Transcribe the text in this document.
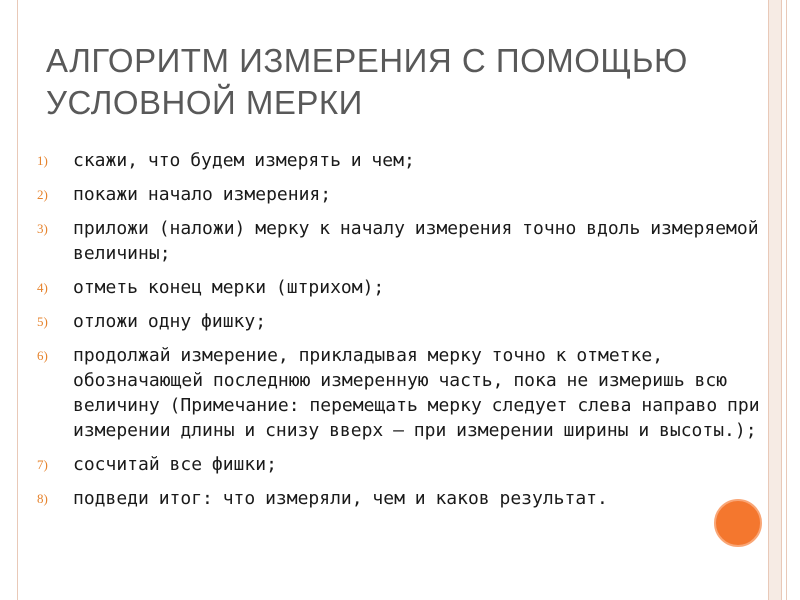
АЛГОРИТМ ИЗМЕРЕНИЯ С ПОМОЩЬЮ УСЛОВНОЙ МЕРКИ
1)	скажи, что будем измерять и чем;
2)	покажи начало измерения;
3)	приложи (наложи) мерку к началу измерения точно вдоль измеряемой величины;
4)	отметь конец мерки (штрихом);
5)	отложи одну фишку;
6)	продолжай измерение, прикладывая мерку точно к отметке, обозначающей последнюю измеренную часть, пока не измеришь всю величину (Примечание: перемещать мерку следует слева направо при измерении длины и снизу вверх – при измерении ширины и высоты.);
7)	сосчитай все фишки;
8)	подведи итог: что измеряли, чем и каков результат.
